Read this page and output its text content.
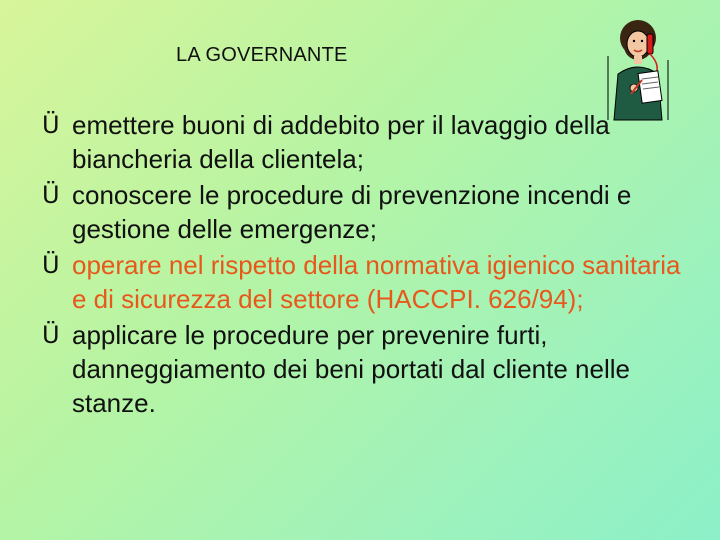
LA GOVERNANTE
Ü emettere buoni di addebito per il lavaggio della biancheria della clientela;
Ü conoscere le procedure di prevenzione incendi e gestione delle emergenze;
Ü operare nel rispetto della normativa igienico sanitaria e di sicurezza del settore (HACCPI. 626/94);
Ü applicare le procedure per prevenire furti, danneggiamento dei beni portati dal cliente nelle stanze.
